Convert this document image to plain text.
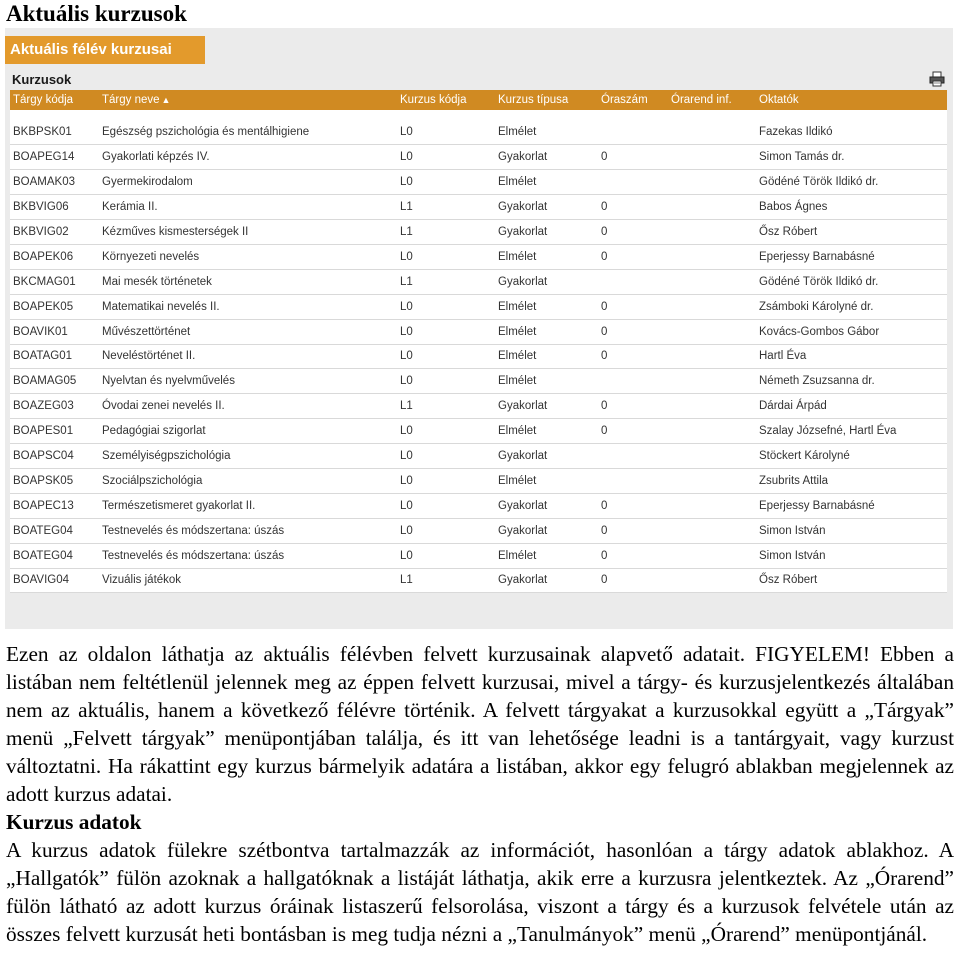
Aktuális kurzusok
Aktuális félév kurzusai
Kurzusok
Tárgy kódja	Tárgy neve ▲	Kurzus kódja	Kurzus típusa	Óraszám	Órarend inf.	Oktatók

BKBPSK01	Egészség pszichológia és mentálhigiene	L0	Elmélet			Fazekas Ildikó
BOAPEG14	Gyakorlati képzés IV.	L0	Gyakorlat	0		Simon Tamás dr.
BOAMAK03	Gyermekirodalom	L0	Elmélet			Gödéné Török Ildikó dr.
BKBVIG06	Kerámia II.	L1	Gyakorlat	0		Babos Ágnes
BKBVIG02	Kézműves kismesterségek II	L1	Gyakorlat	0		Ősz Róbert
BOAPEK06	Környezeti nevelés	L0	Elmélet	0		Eperjessy Barnabásné
BKCMAG01	Mai mesék történetek	L1	Gyakorlat			Gödéné Török Ildikó dr.
BOAPEK05	Matematikai nevelés II.	L0	Elmélet	0		Zsámboki Károlyné dr.
BOAVIK01	Művészettörténet	L0	Elmélet	0		Kovács-Gombos Gábor
BOATAG01	Neveléstörténet II.	L0	Elmélet	0		Hartl Éva
BOAMAG05	Nyelvtan és nyelvművelés	L0	Elmélet			Németh Zsuzsanna dr.
BOAZEG03	Óvodai zenei nevelés II.	L1	Gyakorlat	0		Dárdai Árpád
BOAPES01	Pedagógiai szigorlat	L0	Elmélet	0		Szalay Józsefné, Hartl Éva
BOAPSC04	Személyiségpszichológia	L0	Gyakorlat			Stöckert Károlyné
BOAPSK05	Szociálpszichológia	L0	Elmélet			Zsubrits Attila
BOAPEC13	Természetismeret gyakorlat II.	L0	Gyakorlat	0		Eperjessy Barnabásné
BOATEG04	Testnevelés és módszertana: úszás	L0	Gyakorlat	0		Simon István
BOATEG04	Testnevelés és módszertana: úszás	L0	Elmélet	0		Simon István
BOAVIG04	Vizuális játékok	L1	Gyakorlat	0		Ősz Róbert

Ezen az oldalon láthatja az aktuális félévben felvett kurzusainak alapvető adatait. FIGYELEM! Ebben a listában nem feltétlenül jelennek meg az éppen felvett kurzusai, mivel a tárgy- és kurzusjelentkezés általában nem az aktuális, hanem a következő félévre történik. A felvett tárgyakat a kurzusokkal együtt a „Tárgyak” menü „Felvett tárgyak” menüpontjában találja, és itt van lehetősége leadni is a tantárgyait, vagy kurzust változtatni. Ha rákattint egy kurzus bármelyik adatára a listában, akkor egy felugró ablakban megjelennek az adott kurzus adatai.

Kurzus adatok

A kurzus adatok fülekre szétbontva tartalmazzák az információt, hasonlóan a tárgy adatok ablakhoz. A „Hallgatók” fülön azoknak a hallgatóknak a listáját láthatja, akik erre a kurzusra jelentkeztek. Az „Órarend” fülön látható az adott kurzus óráinak listaszerű felsorolása, viszont a tárgy és a kurzusok felvétele után az összes felvett kurzusát heti bontásban is meg tudja nézni a „Tanulmányok” menü „Órarend” menüpontjánál.
